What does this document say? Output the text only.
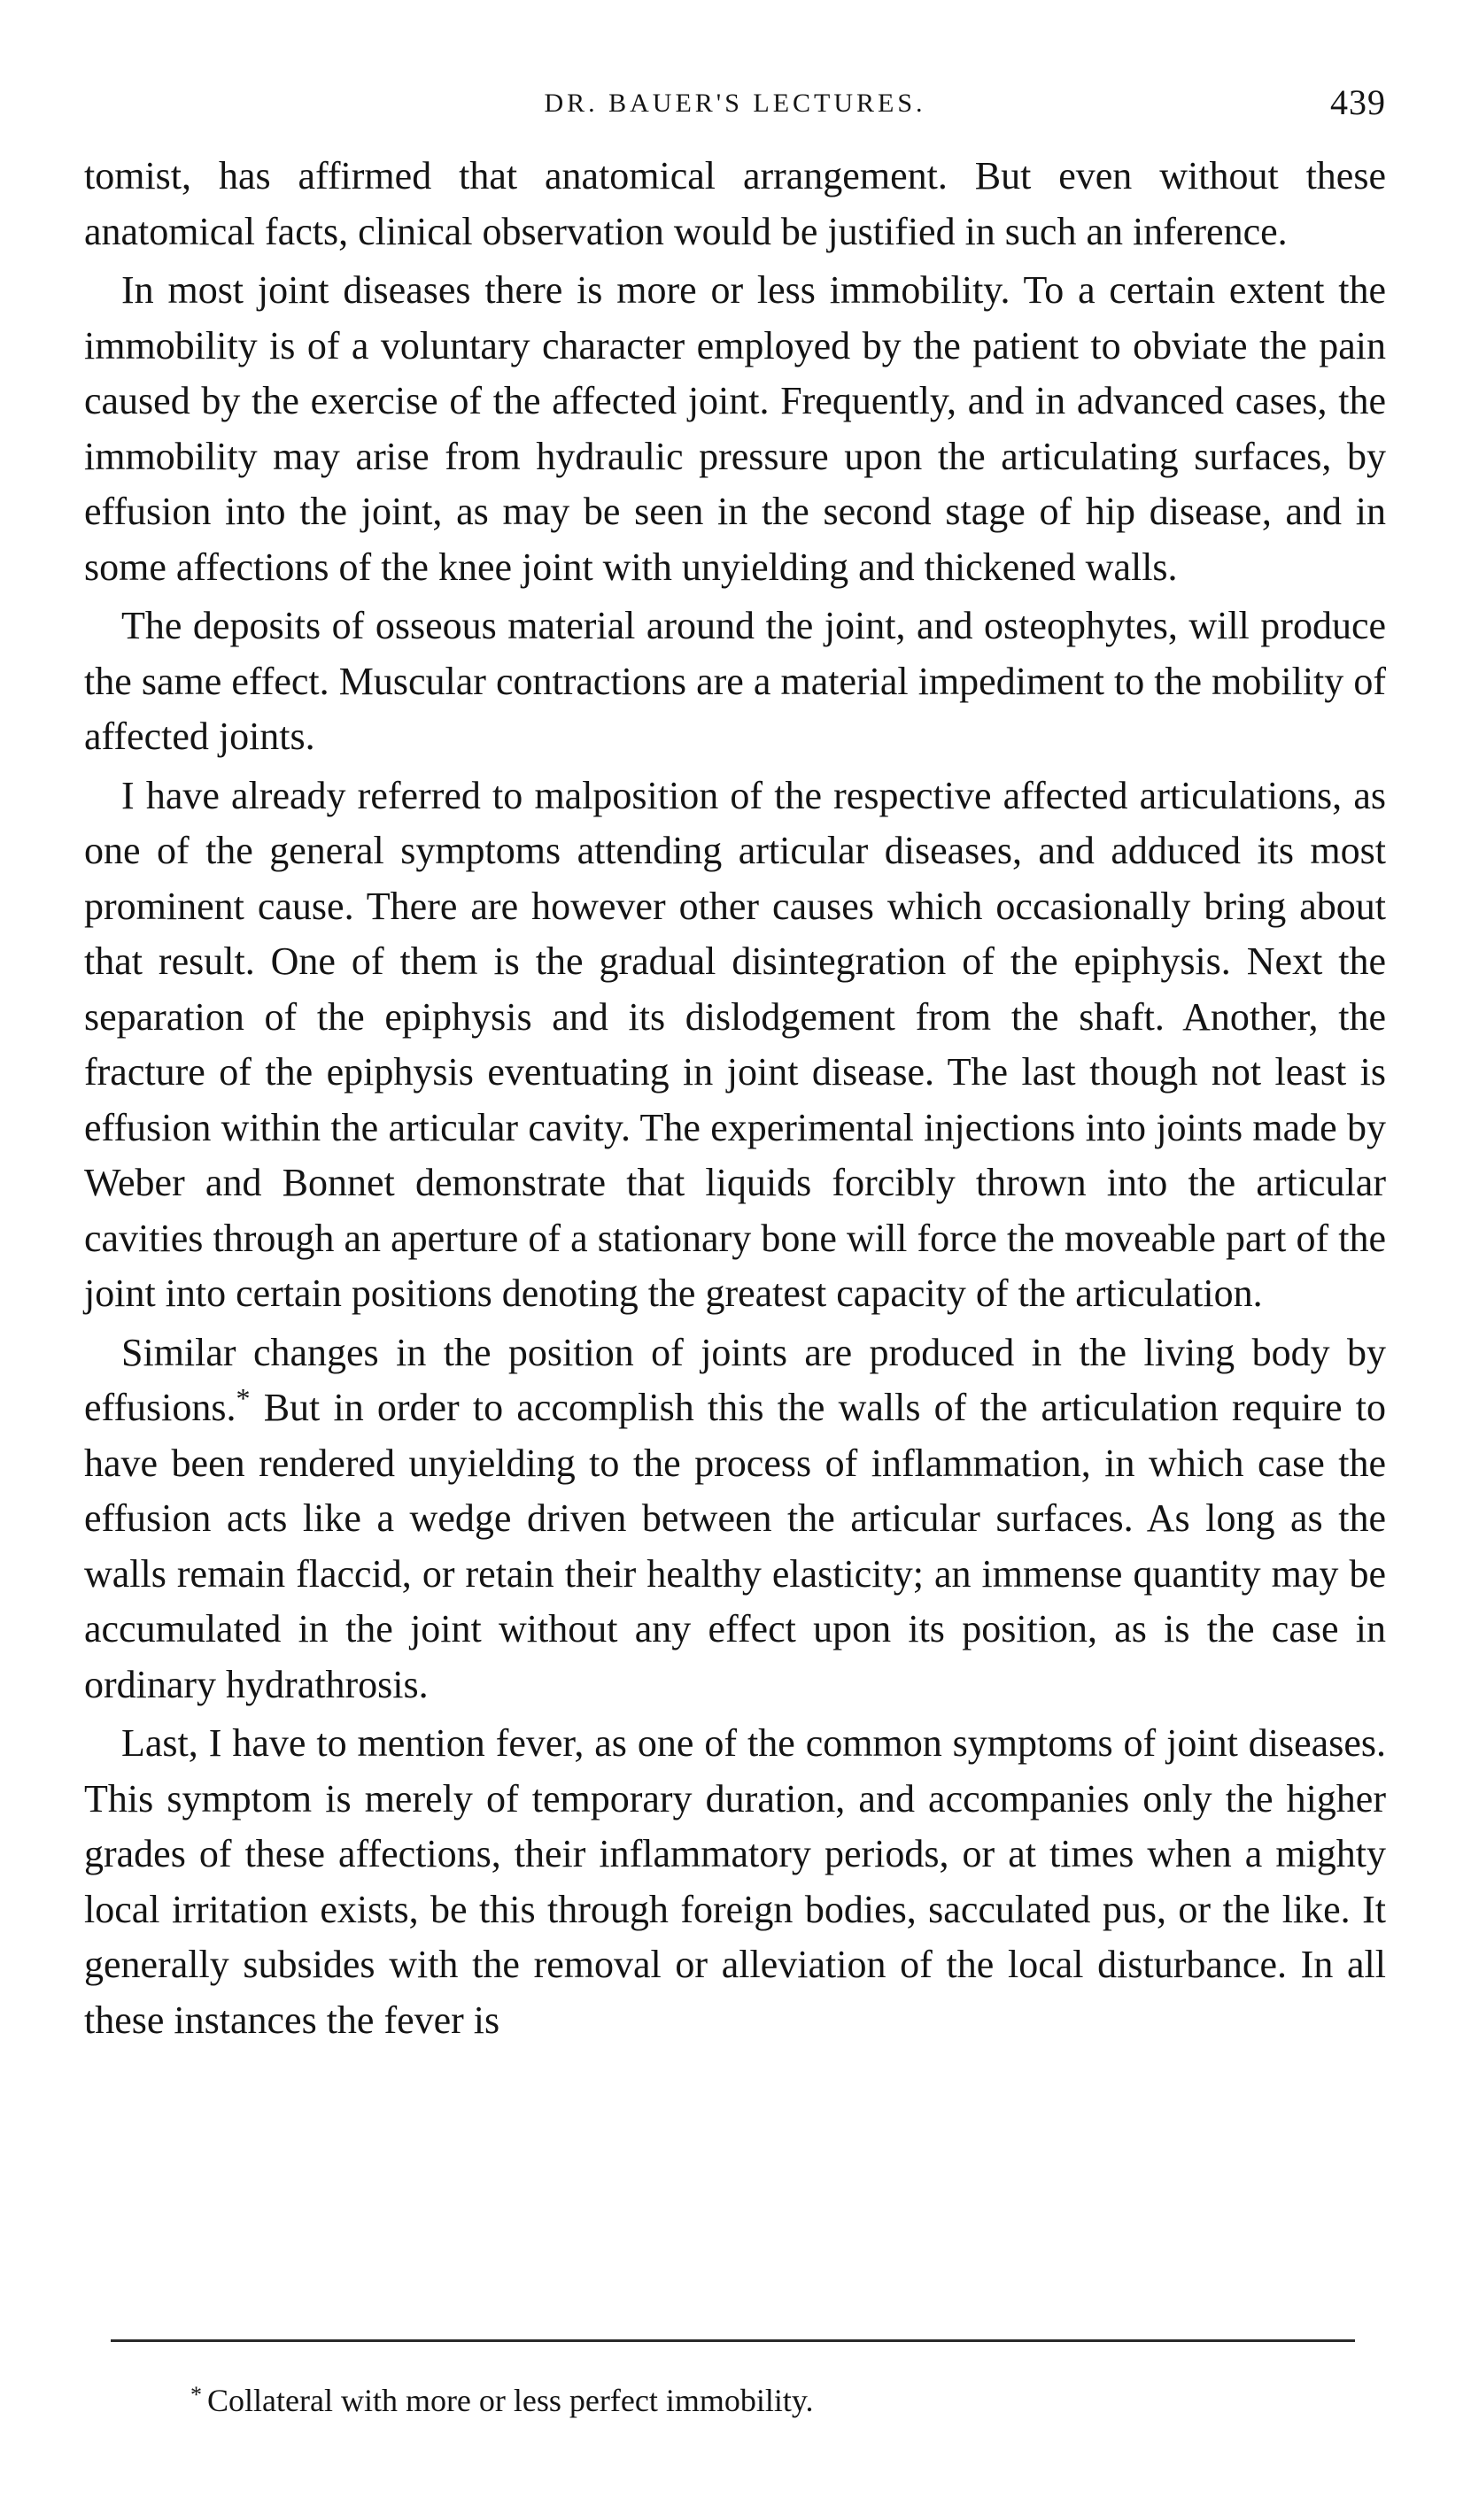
DR. BAUER'S LECTURES.	439

tomist, has affirmed that anatomical arrangement. But even without these anatomical facts, clinical observation would be justified in such an inference.

In most joint diseases there is more or less immobility. To a certain extent the immobility is of a voluntary character employed by the patient to obviate the pain caused by the exercise of the affected joint. Frequently, and in advanced cases, the immobility may arise from hydraulic pressure upon the articulating surfaces, by effusion into the joint, as may be seen in the second stage of hip disease, and in some affections of the knee joint with unyielding and thickened walls.

The deposits of osseous material around the joint, and osteophytes, will produce the same effect. Muscular contractions are a material impediment to the mobility of affected joints.

I have already referred to malposition of the respective affected articulations, as one of the general symptoms attending articular diseases, and adduced its most prominent cause. There are however other causes which occasionally bring about that result. One of them is the gradual disintegration of the epiphysis. Next the separation of the epiphysis and its dislodgement from the shaft. Another, the fracture of the epiphysis eventuating in joint disease. The last though not least is effusion within the articular cavity. The experimental injections into joints made by Weber and Bonnet demonstrate that liquids forcibly thrown into the articular cavities through an aperture of a stationary bone will force the moveable part of the joint into certain positions denoting the greatest capacity of the articulation.

Similar changes in the position of joints are produced in the living body by effusions.* But in order to accomplish this the walls of the articulation require to have been rendered unyielding to the process of inflammation, in which case the effusion acts like a wedge driven between the articular surfaces. As long as the walls remain flaccid, or retain their healthy elasticity; an immense quantity may be accumulated in the joint without any effect upon its position, as is the case in ordinary hydrathrosis.

Last, I have to mention fever, as one of the common symptoms of joint diseases. This symptom is merely of temporary duration, and accompanies only the higher grades of these affections, their inflammatory periods, or at times when a mighty local irritation exists, be this through foreign bodies, sacculated pus, or the like. It generally subsides with the removal or alleviation of the local disturbance. In all these instances the fever is

* Collateral with more or less perfect immobility.
